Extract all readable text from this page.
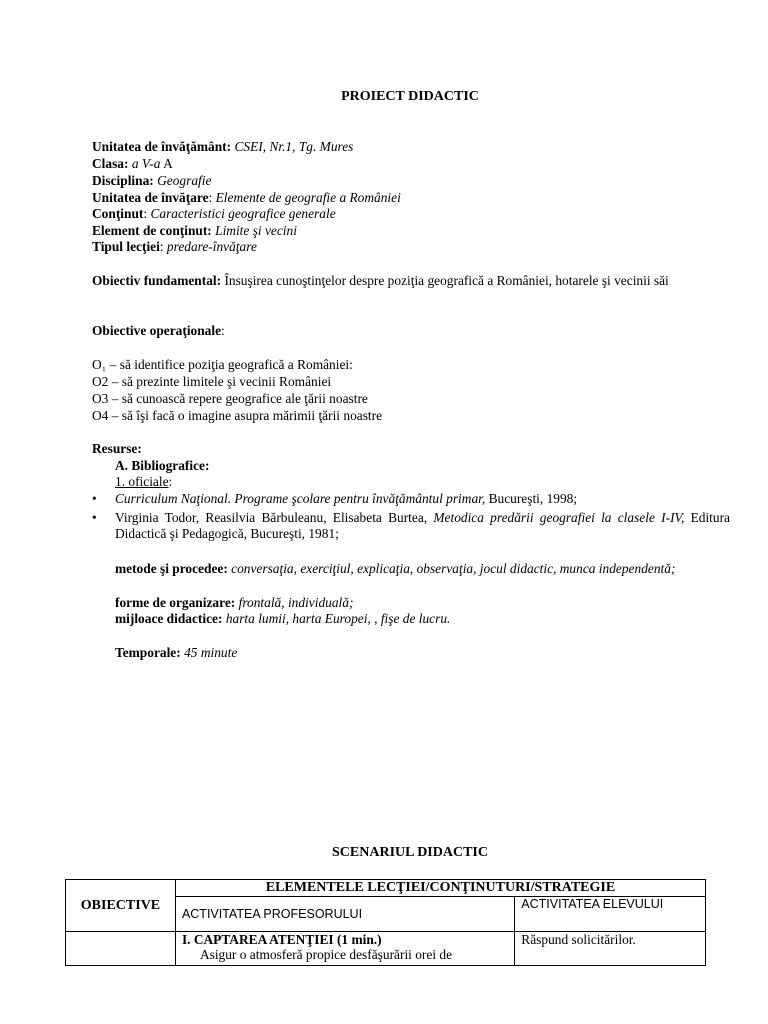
PROIECT DIDACTIC
Unitatea de învăţământ: CSEI, Nr.1, Tg. Mures
Clasa: a V-a A
Disciplina: Geografie
Unitatea de învăţare: Elemente de geografie a României
Conţinut: Caracteristici geografice generale
Element de conţinut: Limite şi vecini
Tipul lecţiei: predare-învăţare
Obiectiv fundamental: Însuşirea cunoştinţelor despre poziţia geografică a României, hotarele şi vecinii săi
Obiective operaţionale:
O₁ – să identifice poziţia geografică a României:
O2 – să prezinte limitele şi vecinii României
O3 – să cunoască repere geografice ale ţării noastre
O4 – să îşi facă o imagine asupra mărimii ţării noastre
Resurse:
A. Bibliografice:
1. oficiale:
• Curriculum Naţional. Programe şcolare pentru învăţământul primar, Bucureşti, 1998;
• Virginia Todor, Reasilvia Bărbuleanu, Elisabeta Burtea, Metodica predării geografiei la clasele I-IV, Editura Didactică şi Pedagogică, Bucureşti, 1981;
metode şi procedee: conversaţia, exerciţiul, explicaţia, observaţia, jocul didactic, munca independentă;
forme de organizare: frontală, individuală;
mijloace didactice: harta lumii, harta Europei, , fişe de lucru.
Temporale: 45 minute
SCENARIUL DIDACTIC
OBIECTIVE	ELEMENTELE LECŢIEI/CONŢINUTURI/STRATEGIE	
	ACTIVITATEA PROFESORULUI	ACTIVITATEA ELEVULUI

	I. CAPTAREA ATENŢIEI (1 min.)
Asigur o atmosferă propice desfăşurării orei de	Răspund solicitărilor.
